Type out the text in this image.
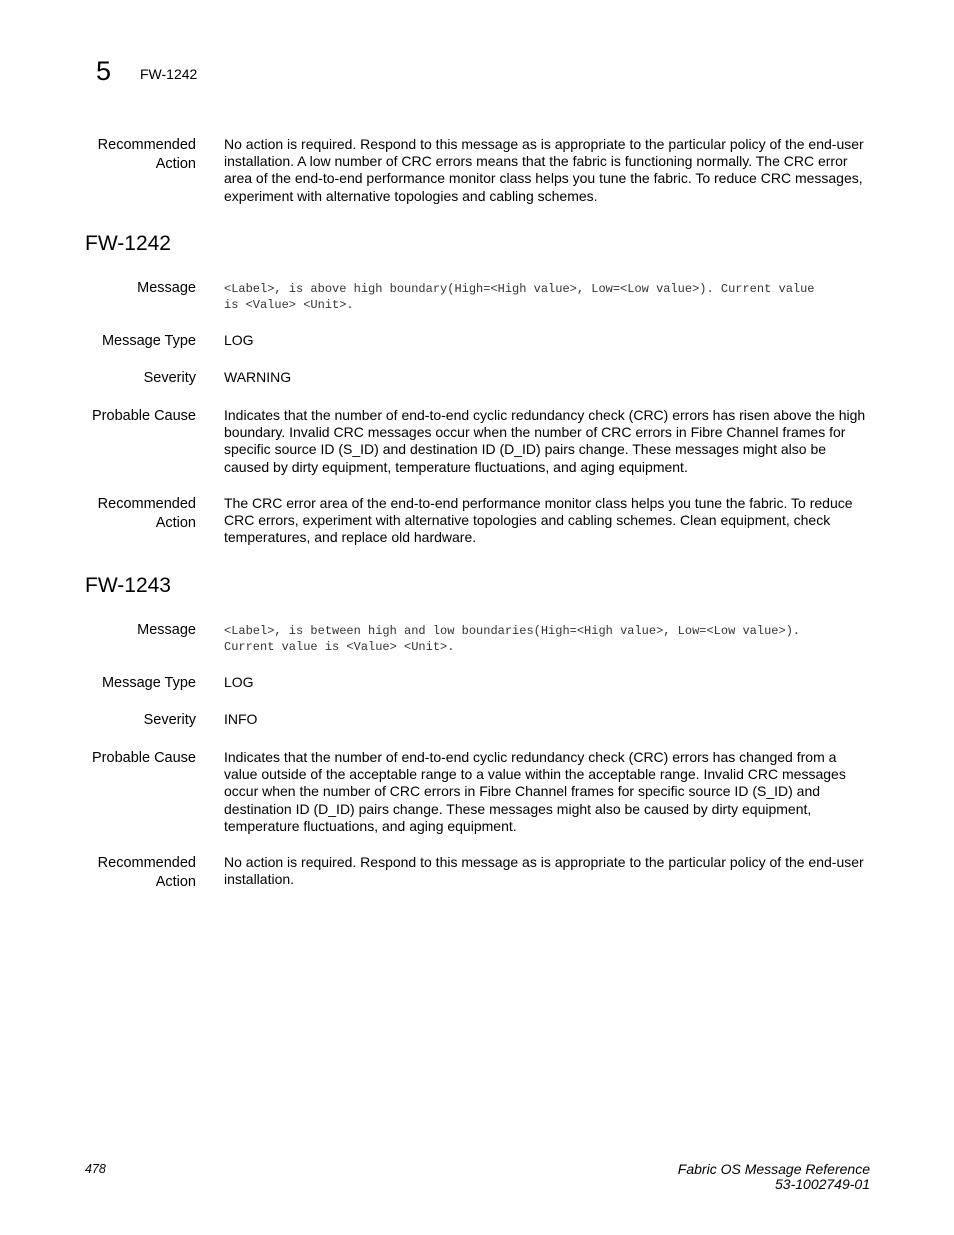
5 FW-1242
Recommended
Action
No action is required. Respond to this message as is appropriate to the particular policy of the end-user installation. A low number of CRC errors means that the fabric is functioning normally. The CRC error area of the end-to-end performance monitor class helps you tune the fabric. To reduce CRC messages, experiment with alternative topologies and cabling schemes.
FW-1242
Message <Label>, is above high boundary(High=<High value>, Low=<Low value>). Current value
is <Value> <Unit>.
Message Type LOG
Severity WARNING
Probable Cause Indicates that the number of end-to-end cyclic redundancy check (CRC) errors has risen above the high boundary. Invalid CRC messages occur when the number of CRC errors in Fibre Channel frames for specific source ID (S_ID) and destination ID (D_ID) pairs change. These messages might also be caused by dirty equipment, temperature fluctuations, and aging equipment.
Recommended
Action
The CRC error area of the end-to-end performance monitor class helps you tune the fabric. To reduce CRC errors, experiment with alternative topologies and cabling schemes. Clean equipment, check temperatures, and replace old hardware.
FW-1243
Message <Label>, is between high and low boundaries(High=<High value>, Low=<Low value>).
Current value is <Value> <Unit>.
Message Type LOG
Severity INFO
Probable Cause Indicates that the number of end-to-end cyclic redundancy check (CRC) errors has changed from a value outside of the acceptable range to a value within the acceptable range. Invalid CRC messages occur when the number of CRC errors in Fibre Channel frames for specific source ID (S_ID) and destination ID (D_ID) pairs change. These messages might also be caused by dirty equipment, temperature fluctuations, and aging equipment.
Recommended
Action
No action is required. Respond to this message as is appropriate to the particular policy of the end-user installation.
478	Fabric OS Message Reference
53-1002749-01
